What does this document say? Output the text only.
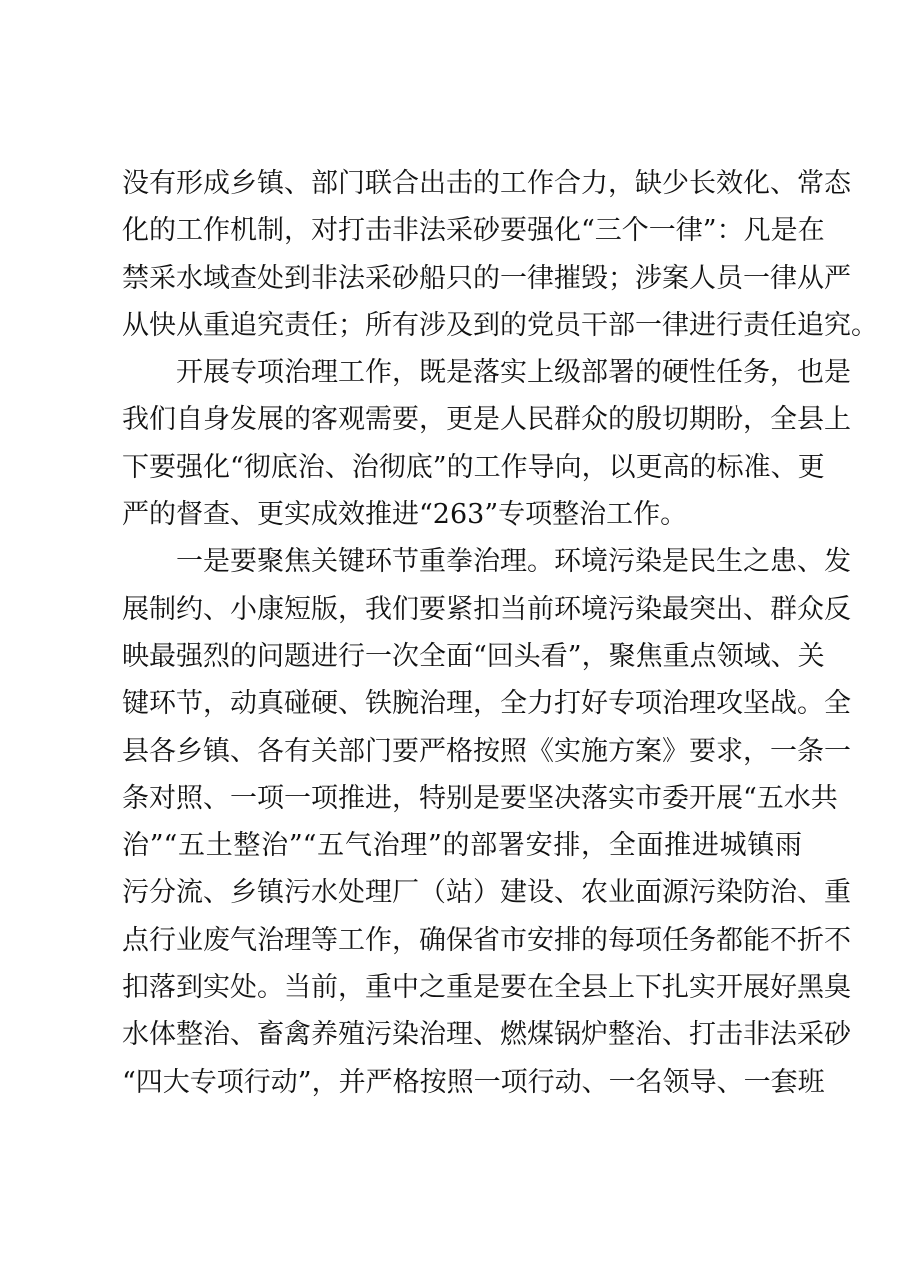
没有形成乡镇、部门联合出击的工作合力，缺少长效化、常态
化的工作机制，对打击非法采砂要强化“三个一律”：凡是在
禁采水域查处到非法采砂船只的一律摧毁；涉案人员一律从严
从快从重追究责任；所有涉及到的党员干部一律进行责任追究。
开展专项治理工作，既是落实上级部署的硬性任务，也是
我们自身发展的客观需要，更是人民群众的殷切期盼，全县上
下要强化“彻底治、治彻底”的工作导向，以更高的标准、更
严的督查、更实成效推进“263”专项整治工作。
一是要聚焦关键环节重拳治理。环境污染是民生之患、发
展制约、小康短版，我们要紧扣当前环境污染最突出、群众反
映最强烈的问题进行一次全面“回头看”，聚焦重点领域、关
键环节，动真碰硬、铁腕治理，全力打好专项治理攻坚战。全
县各乡镇、各有关部门要严格按照《实施方案》要求，一条一
条对照、一项一项推进，特别是要坚决落实市委开展“五水共
治”“五土整治”“五气治理”的部署安排，全面推进城镇雨
污分流、乡镇污水处理厂（站）建设、农业面源污染防治、重
点行业废气治理等工作，确保省市安排的每项任务都能不折不
扣落到实处。当前，重中之重是要在全县上下扎实开展好黑臭
水体整治、畜禽养殖污染治理、燃煤锅炉整治、打击非法采砂
“四大专项行动”，并严格按照一项行动、一名领导、一套班
